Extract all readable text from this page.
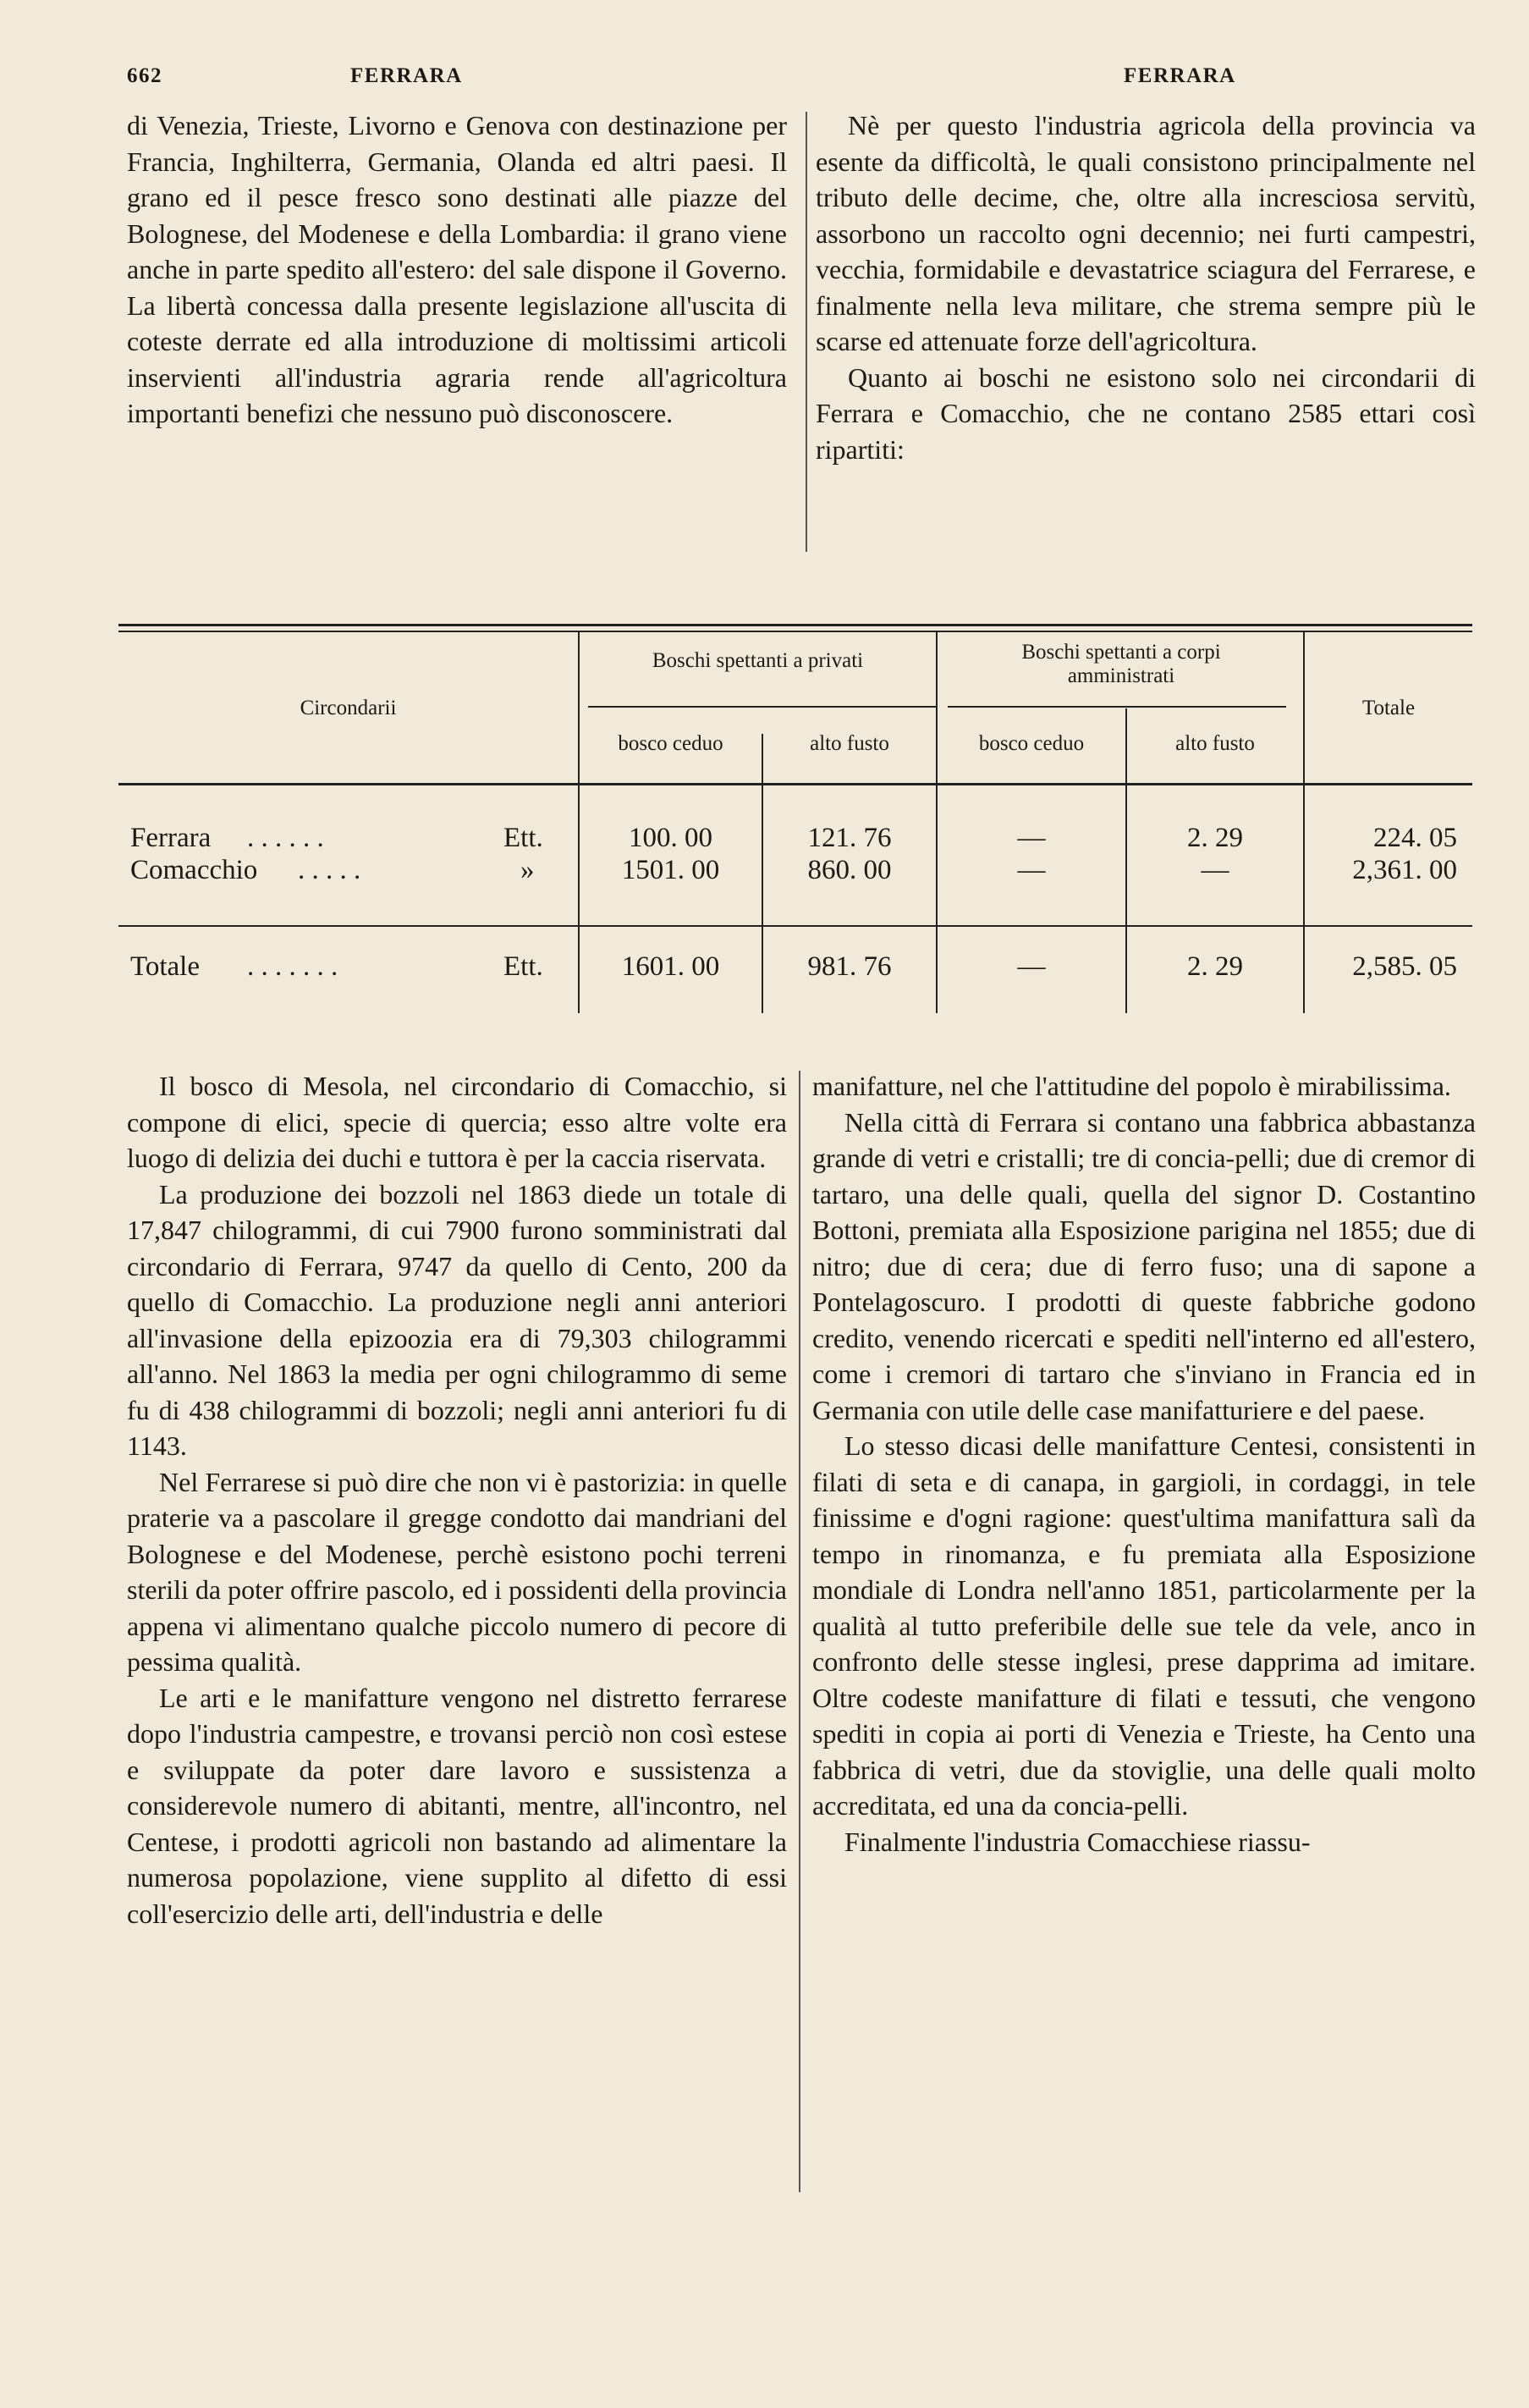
662	FERRARA	FERRARA

di Venezia, Trieste, Livorno e Genova con destinazione per Francia, Inghilterra, Germania, Olanda ed altri paesi. Il grano ed il pesce fresco sono destinati alle piazze del Bolognese, del Modenese e della Lombardia: il grano viene anche in parte spedito all'estero: del sale dispone il Governo. La libertà concessa dalla presente legislazione all'uscita di coteste derrate ed alla introduzione di moltissimi articoli inservienti all'industria agraria rende all'agricoltura importanti benefizi che nessuno può disconoscere.

Nè per questo l'industria agricola della provincia va esente da difficoltà, le quali consistono principalmente nel tributo delle decime, che, oltre alla incresciosa servitù, assorbono un raccolto ogni decennio; nei furti campestri, vecchia, formidabile e devastatrice sciagura del Ferrarese, e finalmente nella leva militare, che strema sempre più le scarse ed attenuate forze dell'agricoltura.

Quanto ai boschi ne esistono solo nei circondarii di Ferrara e Comacchio, che ne contano 2585 ettari così ripartiti:

Circondarii
Boschi spettanti a privati	Boschi spettanti a corpi amministrati
Totale
bosco ceduo	alto fusto	bosco ceduo	alto fusto
Ferrara . . . . . .	Ett.	100. 00	121. 76	—	2. 29	224. 05
Comacchio . . . . .	»	1501. 00	860. 00	—	—	2,361. 00
Totale . . . . . . .	Ett.	1601. 00	981. 76	—	2. 29	2,585. 05

Il bosco di Mesola, nel circondario di Comacchio, si compone di elici, specie di quercia; esso altre volte era luogo di delizia dei duchi e tuttora è per la caccia riservata.

La produzione dei bozzoli nel 1863 diede un totale di 17,847 chilogrammi, di cui 7900 furono somministrati dal circondario di Ferrara, 9747 da quello di Cento, 200 da quello di Comacchio. La produzione negli anni anteriori all'invasione della epizoozia era di 79,303 chilogrammi all'anno. Nel 1863 la media per ogni chilogrammo di seme fu di 438 chilogrammi di bozzoli; negli anni anteriori fu di 1143.

Nel Ferrarese si può dire che non vi è pastorizia: in quelle praterie va a pascolare il gregge condotto dai mandriani del Bolognese e del Modenese, perchè esistono pochi terreni sterili da poter offrire pascolo, ed i possidenti della provincia appena vi alimentano qualche piccolo numero di pecore di pessima qualità.

Le arti e le manifatture vengono nel distretto ferrarese dopo l'industria campestre, e trovansi perciò non così estese e sviluppate da poter dare lavoro e sussistenza a considerevole numero di abitanti, mentre, all'incontro, nel Centese, i prodotti agricoli non bastando ad alimentare la numerosa popolazione, viene supplito al difetto di essi coll'esercizio delle arti, dell'industria e delle

manifatture, nel che l'attitudine del popolo è mirabilissima.

Nella città di Ferrara si contano una fabbrica abbastanza grande di vetri e cristalli; tre di concia-pelli; due di cremor di tartaro, una delle quali, quella del signor D. Costantino Bottoni, premiata alla Esposizione parigina nel 1855; due di nitro; due di cera; due di ferro fuso; una di sapone a Pontelagoscuro. I prodotti di queste fabbriche godono credito, venendo ricercati e spediti nell'interno ed all'estero, come i cremori di tartaro che s'inviano in Francia ed in Germania con utile delle case manifatturiere e del paese.

Lo stesso dicasi delle manifatture Centesi, consistenti in filati di seta e di canapa, in gargioli, in cordaggi, in tele finissime e d'ogni ragione: quest'ultima manifattura salì da tempo in rinomanza, e fu premiata alla Esposizione mondiale di Londra nell'anno 1851, particolarmente per la qualità al tutto preferibile delle sue tele da vele, anco in confronto delle stesse inglesi, prese dapprima ad imitare. Oltre codeste manifatture di filati e tessuti, che vengono spediti in copia ai porti di Venezia e Trieste, ha Cento una fabbrica di vetri, due da stoviglie, una delle quali molto accreditata, ed una da concia-pelli.

Finalmente l'industria Comacchiese riassu-
